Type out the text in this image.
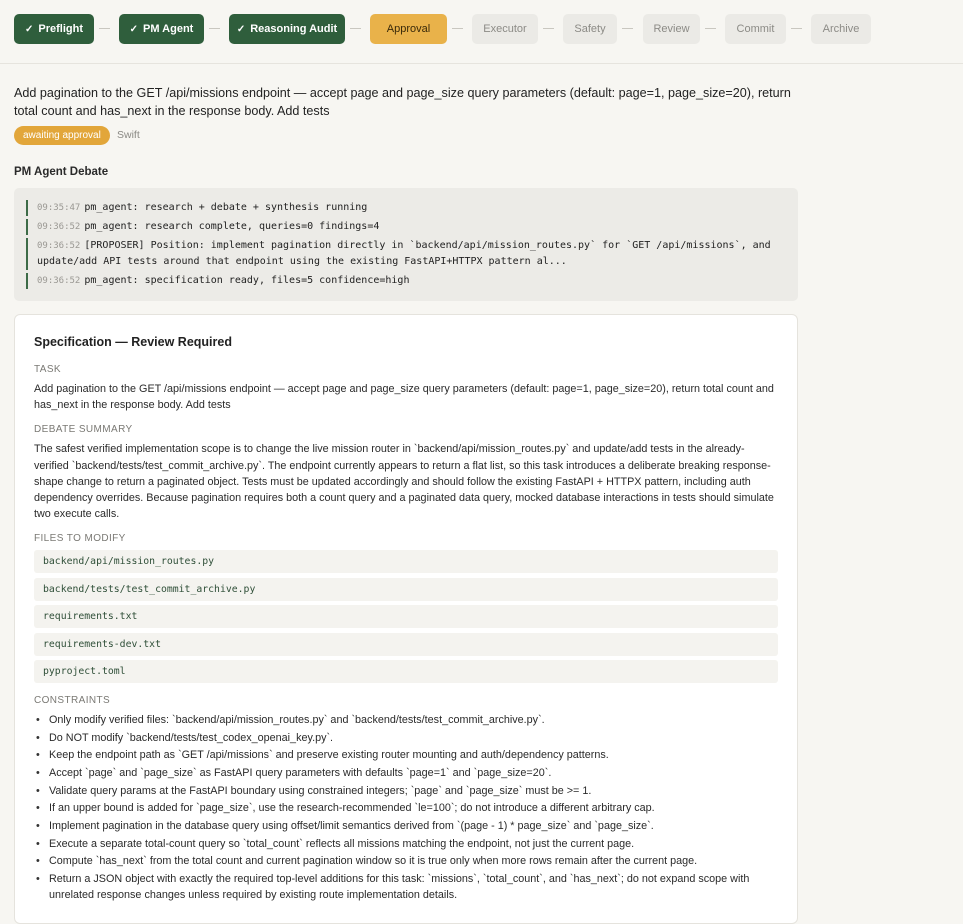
✓ Preflight	✓ PM Agent	✓ Reasoning Audit	Approval	Executor	Safety	Review	Commit	Archive
Add pagination to the GET /api/missions endpoint — accept page and page_size query parameters (default: page=1, page_size=20), return total count and has_next in the response body. Add tests
awaiting approval	Swift
PM Agent Debate
09:35:47 pm_agent: research + debate + synthesis running
09:36:52 pm_agent: research complete, queries=0 findings=4
09:36:52 [PROPOSER] Position: implement pagination directly in `backend/api/mission_routes.py` for `GET /api/missions`, and update/add API tests around that endpoint using the existing FastAPI+HTTPX pattern al...
09:36:52 pm_agent: specification ready, files=5 confidence=high
Specification — Review Required
TASK
Add pagination to the GET /api/missions endpoint — accept page and page_size query parameters (default: page=1, page_size=20), return total count and has_next in the response body. Add tests
DEBATE SUMMARY
The safest verified implementation scope is to change the live mission router in `backend/api/mission_routes.py` and update/add tests in the already-verified `backend/tests/test_commit_archive.py`. The endpoint currently appears to return a flat list, so this task introduces a deliberate breaking response-shape change to return a paginated object. Tests must be updated accordingly and should follow the existing FastAPI + HTTPX pattern, including auth dependency overrides. Because pagination requires both a count query and a paginated data query, mocked database interactions in tests should simulate two execute calls.
FILES TO MODIFY
backend/api/mission_routes.py
backend/tests/test_commit_archive.py
requirements.txt
requirements-dev.txt
pyproject.toml
CONSTRAINTS
• Only modify verified files: `backend/api/mission_routes.py` and `backend/tests/test_commit_archive.py`.
• Do NOT modify `backend/tests/test_codex_openai_key.py`.
• Keep the endpoint path as `GET /api/missions` and preserve existing router mounting and auth/dependency patterns.
• Accept `page` and `page_size` as FastAPI query parameters with defaults `page=1` and `page_size=20`.
• Validate query params at the FastAPI boundary using constrained integers; `page` and `page_size` must be >= 1.
• If an upper bound is added for `page_size`, use the research-recommended `le=100`; do not introduce a different arbitrary cap.
• Implement pagination in the database query using offset/limit semantics derived from `(page - 1) * page_size` and `page_size`.
• Execute a separate total-count query so `total_count` reflects all missions matching the endpoint, not just the current page.
• Compute `has_next` from the total count and current pagination window so it is true only when more rows remain after the current page.
• Return a JSON object with exactly the required top-level additions for this task: `missions`, `total_count`, and `has_next`; do not expand scope with unrelated response changes unless required by existing route implementation details.
